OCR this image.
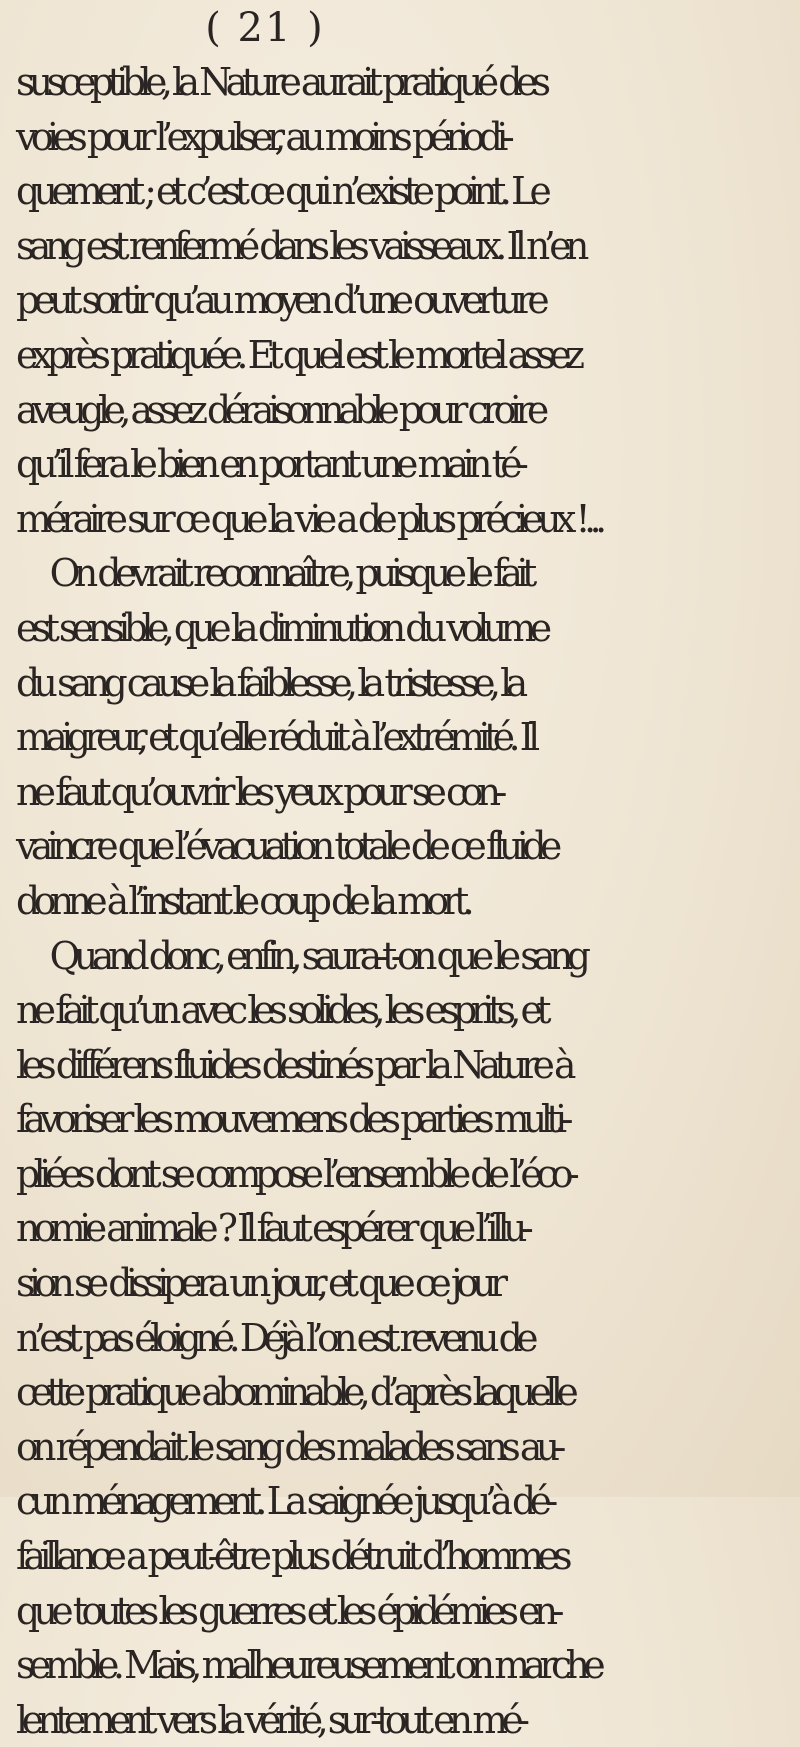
( 21 )
susceptible, la Nature aurait pratiqué des
voies pour l’expulser, au moins périodi-
quement ; et c’est ce qui n’existe point. Le
sang est renfermé dans les vaisseaux. Il n’en
peut sortir qu’au moyen d’une ouverture
exprès pratiquée. Et quel est le mortel assez
aveugle, assez déraisonnable pour croire
qu’il fera le bien en portant une main té-
méraire sur ce que la vie a de plus précieux !...
On devrait reconnaître, puisque le fait
est sensible, que la diminution du volume
du sang cause la faiblesse, la tristesse, la
maigreur, et qu’elle réduit à l’extrémité. Il
ne faut qu’ouvrir les yeux pour se con-
vaincre que l’évacuation totale de ce fluide
donne à l’instant le coup de la mort.
Quand donc, enfin, saura-t-on que le sang
ne fait qu’un avec les solides, les esprits, et
les différens fluides destinés par la Nature à
favoriser les mouvemens des parties multi-
pliées dont se compose l’ensemble de l’éco-
nomie animale ? Il faut espérer que l’illu-
sion se dissipera un jour, et que ce jour
n’est pas éloigné. Déjà l’on est revenu de
cette pratique abominable, d’après laquelle
on répendait le sang des malades sans au-
cun ménagement. La saignée jusqu’à dé-
faillance a peut-être plus détruit d’hommes
que toutes les guerres et les épidémies en-
semble. Mais, malheureusement on marche
lentement vers la vérité, sur-tout en mé-
